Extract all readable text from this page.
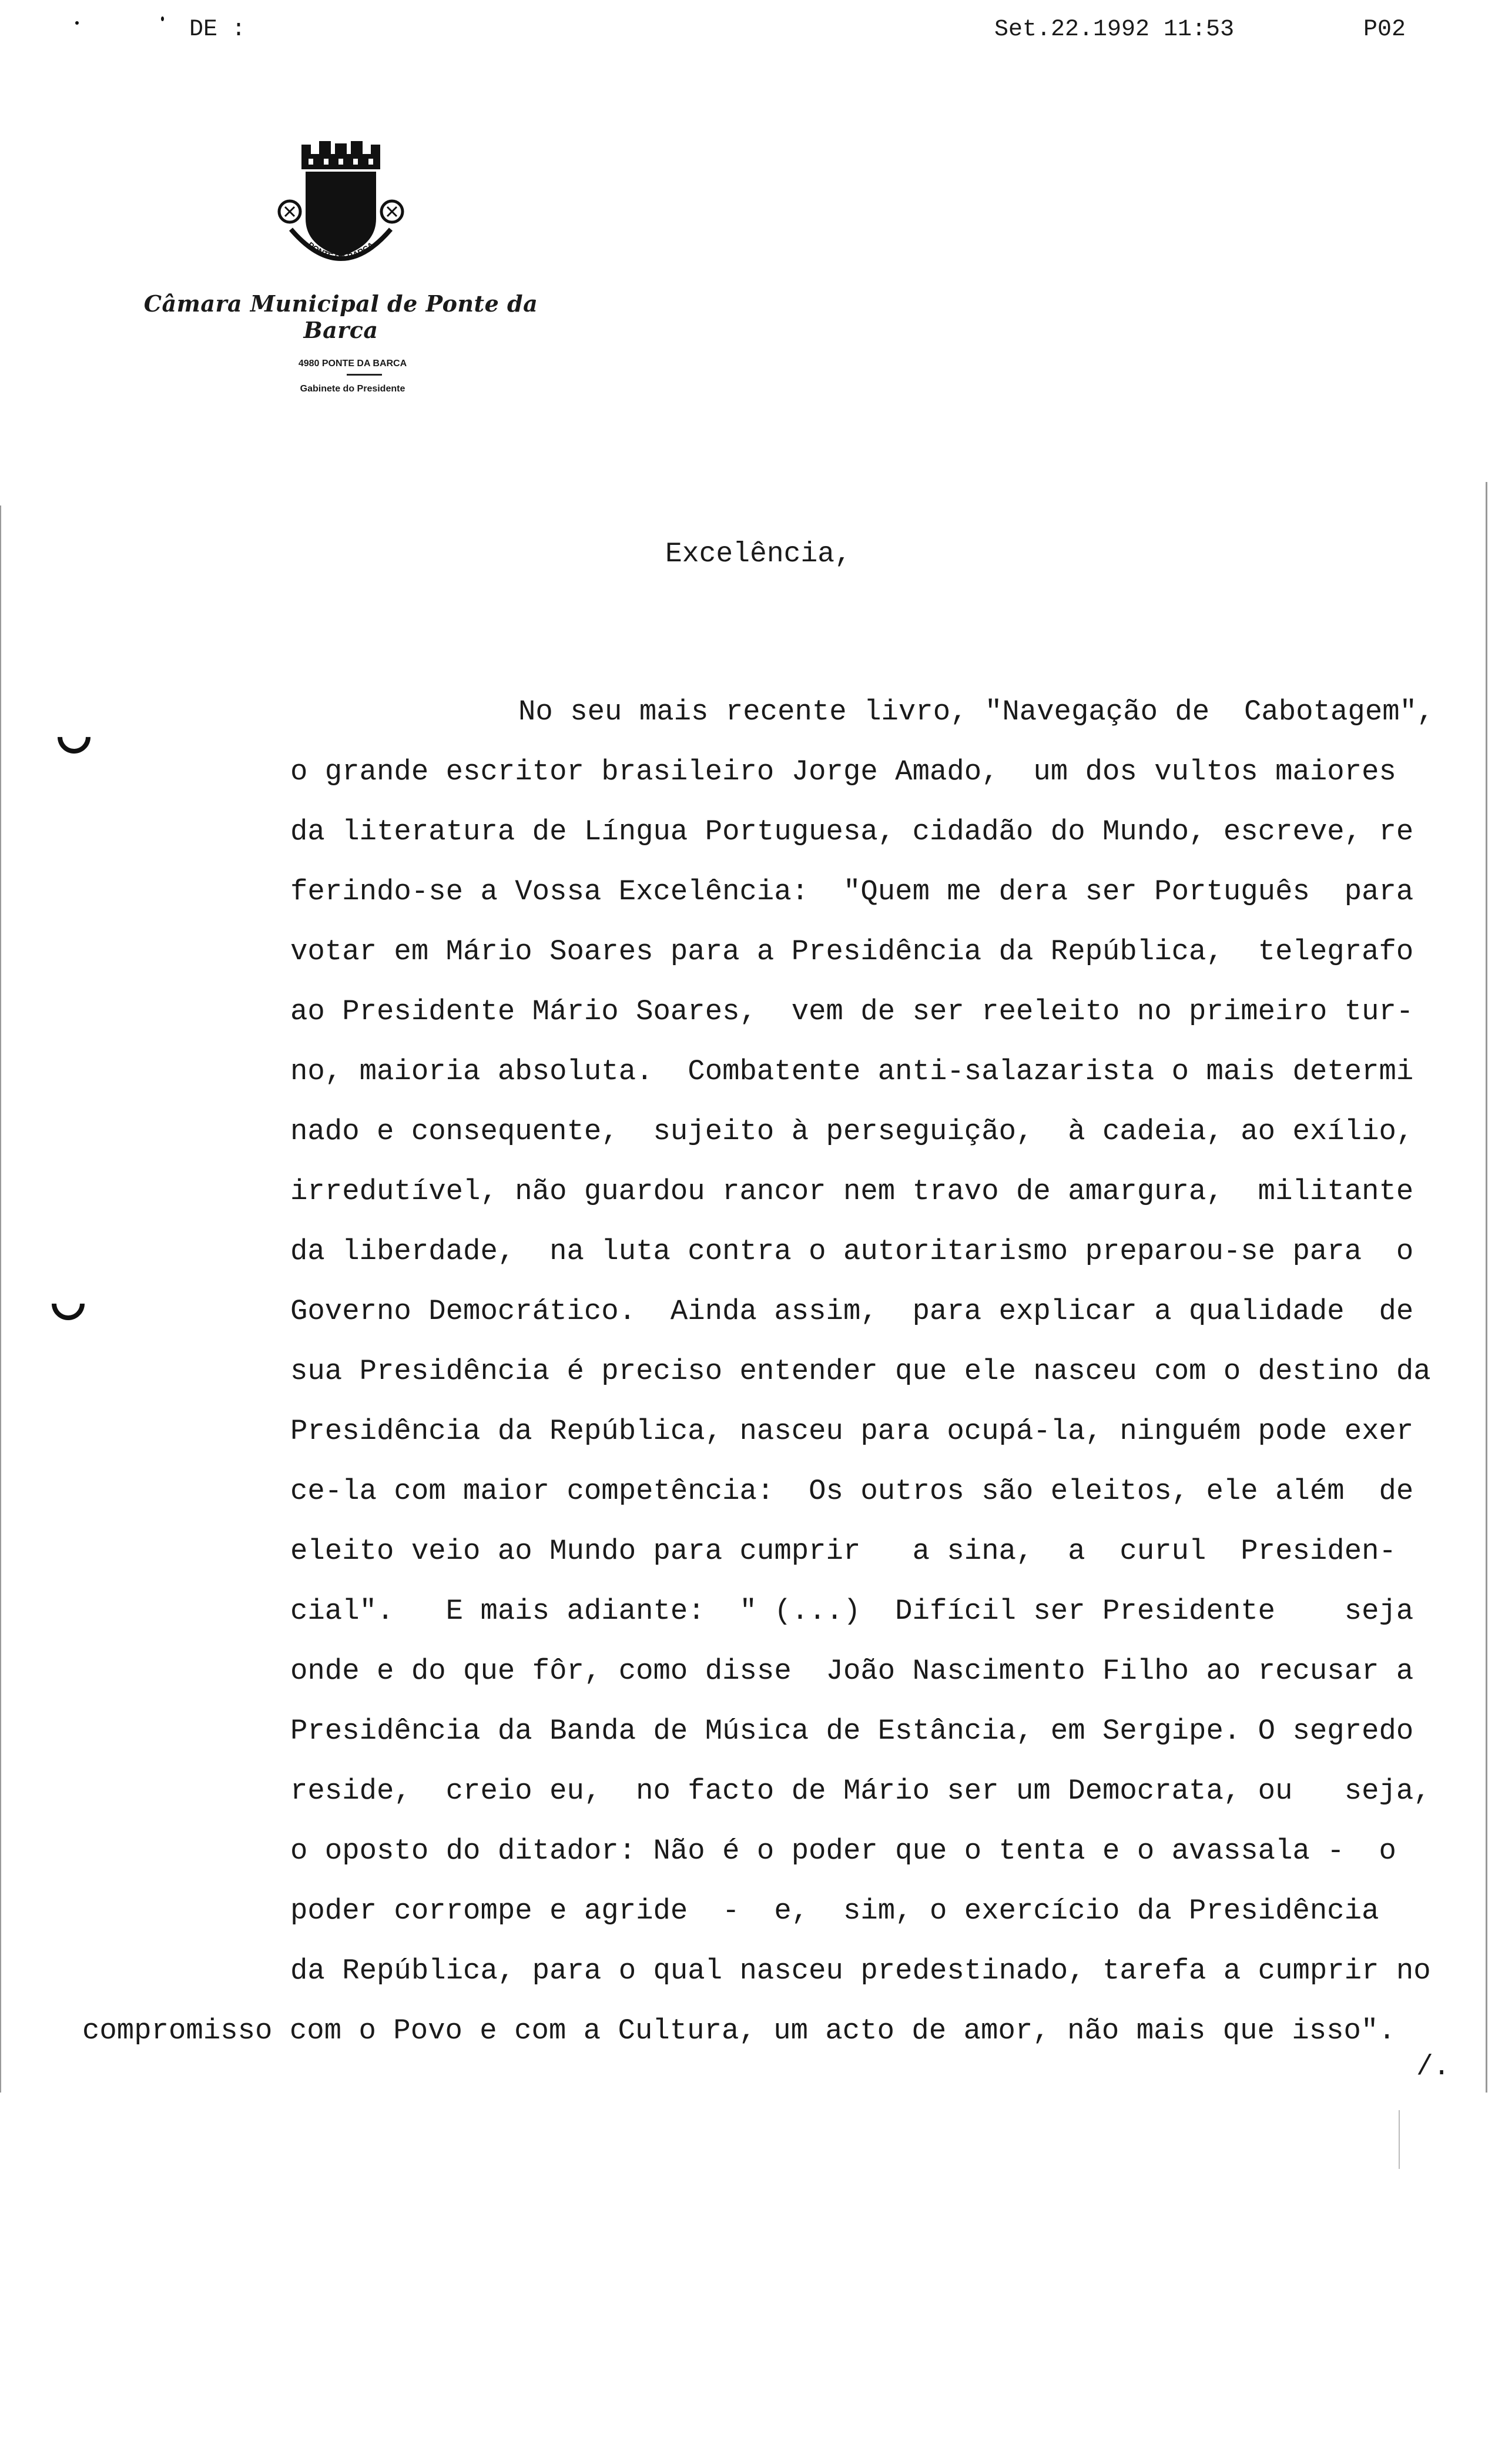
DE :	Set.22.1992 11:53	P02
PONTE DA BARCA
Câmara Municipal de Ponte da Barca
4980 PONTE DA BARCA
Gabinete do Presidente
Excelência,
No seu mais recente livro, "Navegação de  Cabotagem",
o grande escritor brasileiro Jorge Amado,  um dos vultos maiores
da literatura de Língua Portuguesa, cidadão do Mundo, escreve, re
ferindo-se a Vossa Excelência:  "Quem me dera ser Português  para
votar em Mário Soares para a Presidência da República,  telegrafo
ao Presidente Mário Soares,  vem de ser reeleito no primeiro tur-
no, maioria absoluta.  Combatente anti-salazarista o mais determi
nado e consequente,  sujeito à perseguição,  à cadeia, ao exílio,
irredutível, não guardou rancor nem travo de amargura,  militante
da liberdade,  na luta contra o autoritarismo preparou-se para  o
Governo Democrático.  Ainda assim,  para explicar a qualidade  de
sua Presidência é preciso entender que ele nasceu com o destino da
Presidência da República, nasceu para ocupá-la, ninguém pode exer
ce-la com maior competência:  Os outros são eleitos, ele além  de
eleito veio ao Mundo para cumprir   a sina,  a  curul  Presiden-
cial".   E mais adiante:  " (...)  Difícil ser Presidente    seja
onde e do que fôr, como disse  João Nascimento Filho ao recusar a
Presidência da Banda de Música de Estância, em Sergipe. O segredo
reside,  creio eu,  no facto de Mário ser um Democrata, ou   seja,
o oposto do ditador: Não é o poder que o tenta e o avassala -  o
poder corrompe e agride  -  e,  sim, o exercício da Presidência
da República, para o qual nasceu predestinado, tarefa a cumprir no
compromisso com o Povo e com a Cultura, um acto de amor, não mais que isso".
/.
